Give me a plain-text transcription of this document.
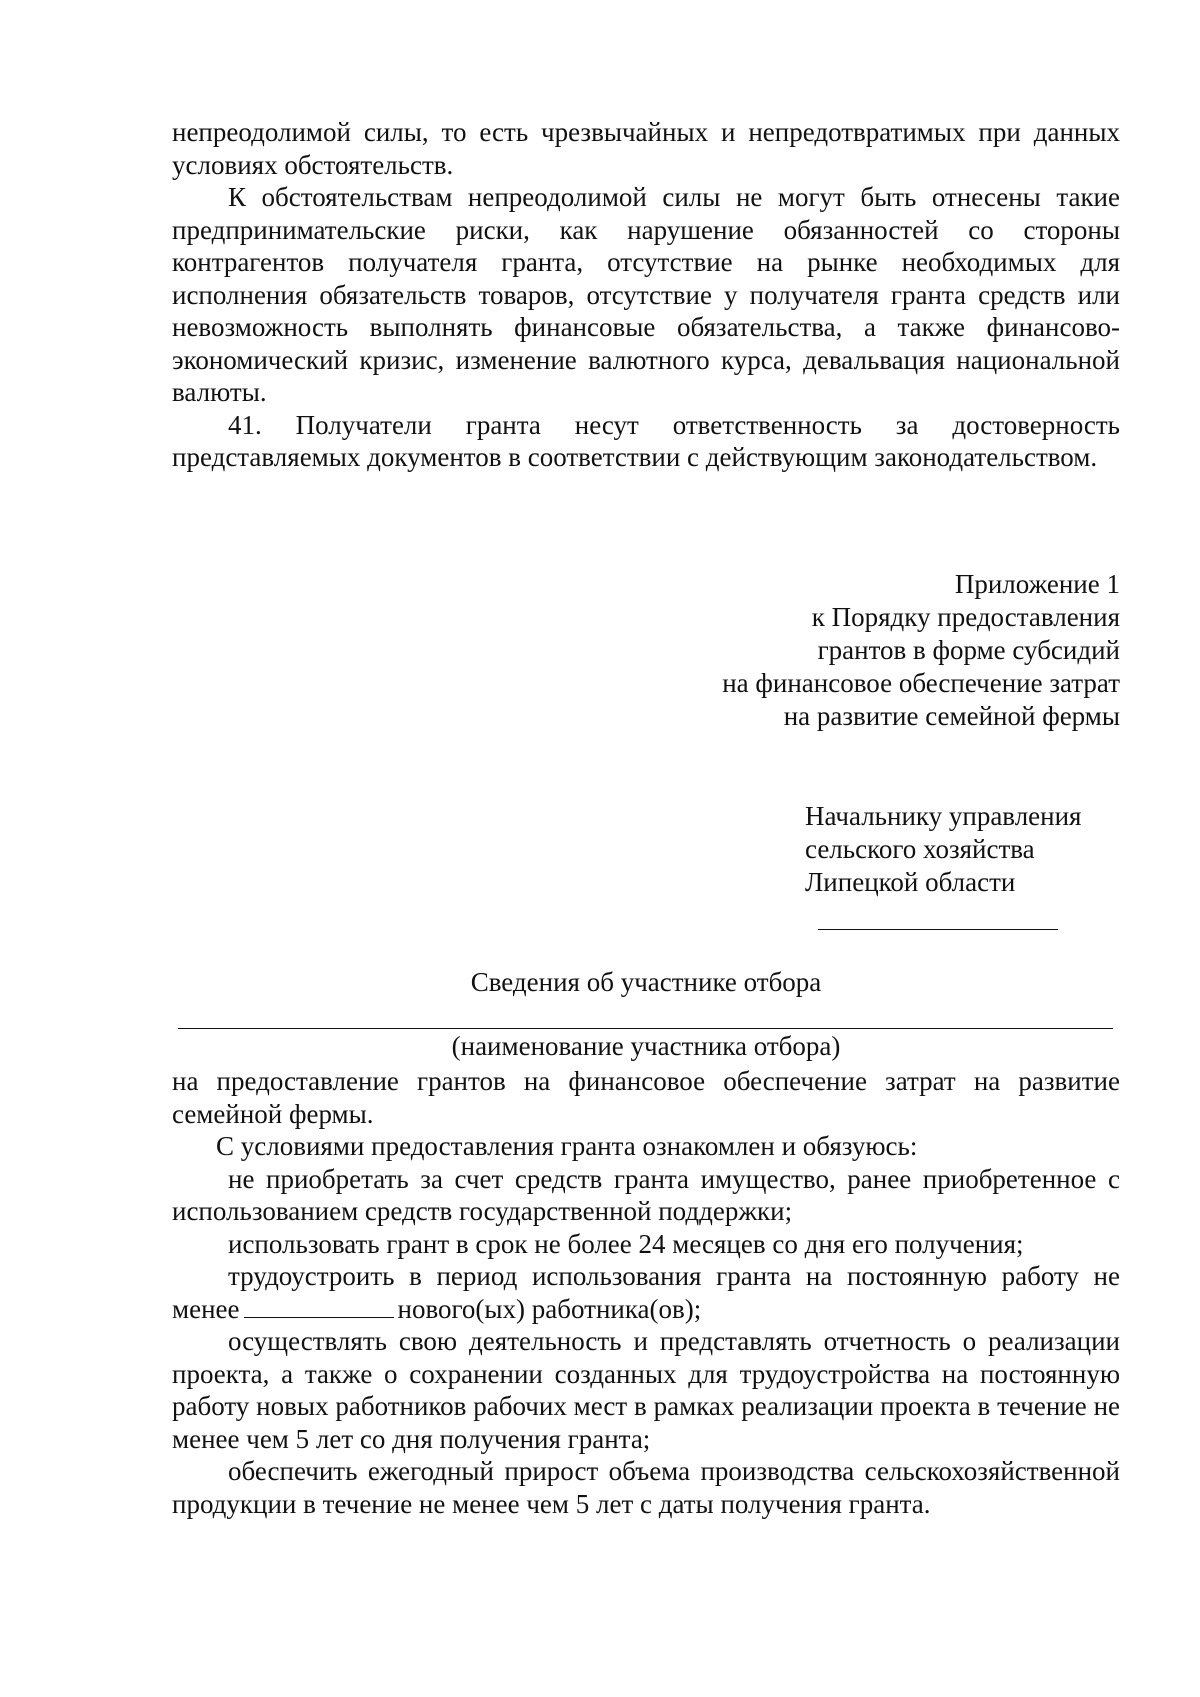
непреодолимой силы, то есть чрезвычайных и непредотвратимых при данных условиях обстоятельств.

К обстоятельствам непреодолимой силы не могут быть отнесены такие предпринимательские риски, как нарушение обязанностей со стороны контрагентов получателя гранта, отсутствие на рынке необходимых для исполнения обязательств товаров, отсутствие у получателя гранта средств или невозможность выполнять финансовые обязательства, а также финансово-экономический кризис, изменение валютного курса, девальвация национальной валюты.

41. Получатели гранта несут ответственность за достоверность представляемых документов в соответствии с действующим законодательством.

Приложение 1
к Порядку предоставления
грантов в форме субсидий
на финансовое обеспечение затрат
на развитие семейной фермы
Начальнику управления
сельского хозяйства
Липецкой области
Сведения об участнике отбора
(наименование участника отбора)

на предоставление грантов на финансовое обеспечение затрат на развитие семейной фермы.

С условиями предоставления гранта ознакомлен и обязуюсь:

не приобретать за счет средств гранта имущество, ранее приобретенное с использованием средств государственной поддержки;

использовать грант в срок не более 24 месяцев со дня его получения;

трудоустроить в период использования гранта на постоянную работу не менее	нового(ых) работника(ов);

осуществлять свою деятельность и представлять отчетность о реализации проекта, а также о сохранении созданных для трудоустройства на постоянную работу новых работников рабочих мест в рамках реализации проекта в течение не менее чем 5 лет со дня получения гранта;

обеспечить ежегодный прирост объема производства сельскохозяйственной продукции в течение не менее чем 5 лет с даты получения гранта.
